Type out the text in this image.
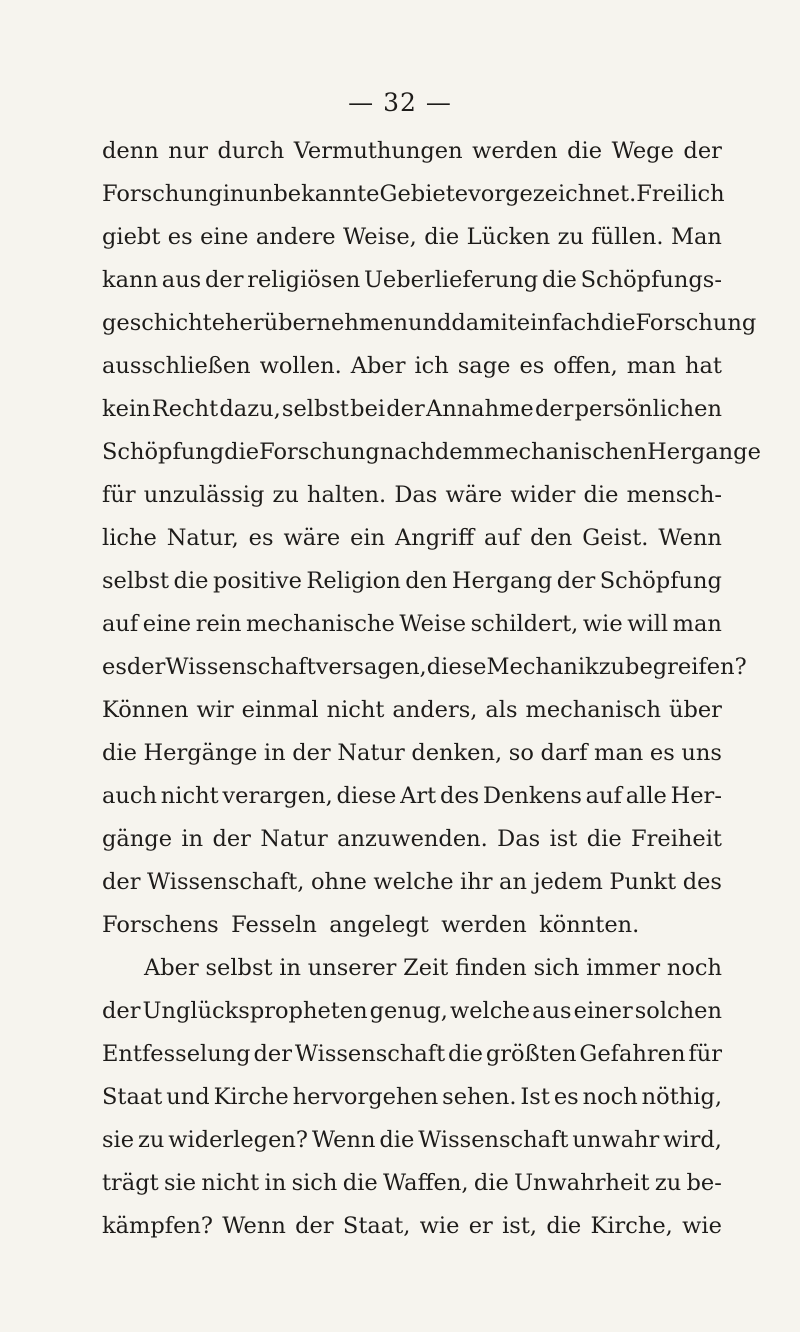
— 32 —
denn nur durch Vermuthungen werden die Wege der
Forschung in unbekannte Gebiete vorgezeichnet. Freilich
giebt es eine andere Weise, die Lücken zu füllen. Man
kann aus der religiösen Ueberlieferung die Schöpfungs-
geschichte herübernehmen und damit einfach die Forschung
ausschließen wollen. Aber ich sage es offen, man hat
kein Recht dazu, selbst bei der Annahme der persönlichen
Schöpfung die Forschung nach dem mechanischen Hergange
für unzulässig zu halten. Das wäre wider die mensch-
liche Natur, es wäre ein Angriff auf den Geist. Wenn
selbst die positive Religion den Hergang der Schöpfung
auf eine rein mechanische Weise schildert, wie will man
es der Wissenschaft versagen, diese Mechanik zu begreifen?
Können wir einmal nicht anders, als mechanisch über
die Hergänge in der Natur denken, so darf man es uns
auch nicht verargen, diese Art des Denkens auf alle Her-
gänge in der Natur anzuwenden. Das ist die Freiheit
der Wissenschaft, ohne welche ihr an jedem Punkt des
Forschens Fesseln angelegt werden könnten.
Aber selbst in unserer Zeit finden sich immer noch
der Unglücksprophеten genug, welche aus einer solchen
Entfesselung der Wissenschaft die größten Gefahren für
Staat und Kirche hervorgehen sehen. Ist es noch nöthig,
sie zu widerlegen? Wenn die Wissenschaft unwahr wird,
trägt sie nicht in sich die Waffen, die Unwahrheit zu be-
kämpfen? Wenn der Staat, wie er ist, die Kirche, wie
